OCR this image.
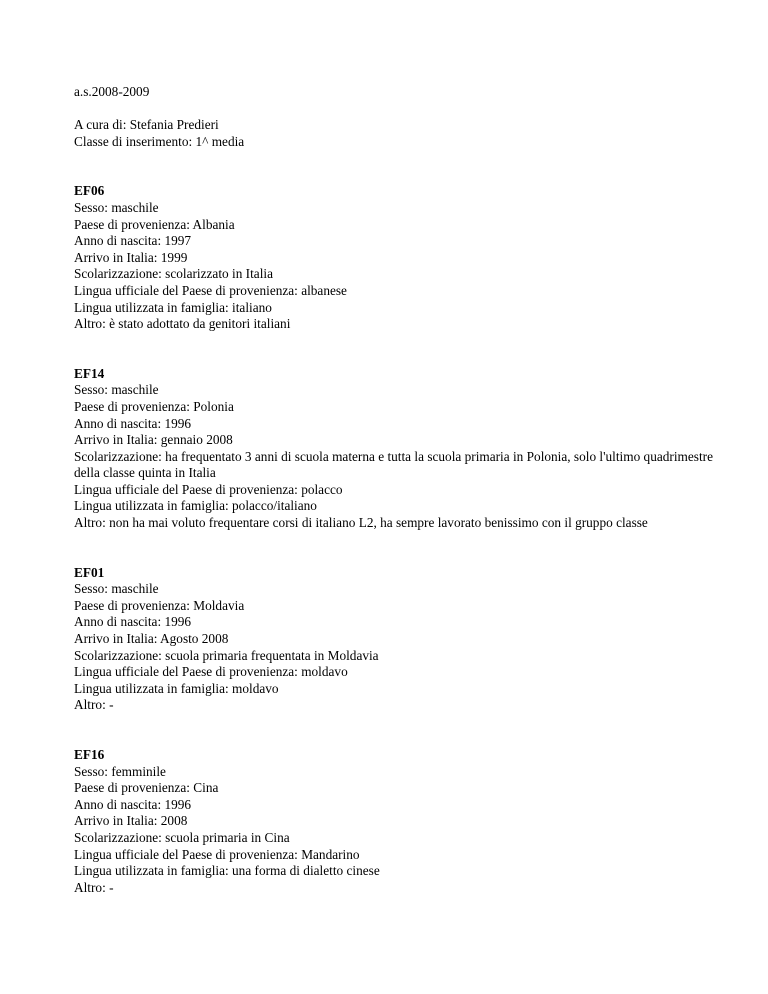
a.s.2008-2009
A cura di: Stefania Predieri
Classe di inserimento: 1^ media
EF06
Sesso: maschile
Paese di provenienza: Albania
Anno di nascita: 1997
Arrivo in Italia: 1999
Scolarizzazione: scolarizzato in Italia
Lingua ufficiale del Paese di provenienza: albanese
Lingua utilizzata in famiglia: italiano
Altro: è stato adottato da genitori italiani
EF14
Sesso: maschile
Paese di provenienza: Polonia
Anno di nascita: 1996
Arrivo in Italia: gennaio 2008
Scolarizzazione: ha frequentato 3 anni di scuola materna e tutta la scuola primaria in Polonia, solo l'ultimo quadrimestre della classe quinta in Italia
Lingua ufficiale del Paese di provenienza: polacco
Lingua utilizzata in famiglia: polacco/italiano
Altro: non ha mai voluto frequentare corsi di italiano L2, ha sempre lavorato benissimo con il gruppo classe
EF01
Sesso: maschile
Paese di provenienza: Moldavia
Anno di nascita: 1996
Arrivo in Italia: Agosto 2008
Scolarizzazione: scuola primaria frequentata in Moldavia
Lingua ufficiale del Paese di provenienza: moldavo
Lingua utilizzata in famiglia: moldavo
Altro: -
EF16
Sesso: femminile
Paese di provenienza: Cina
Anno di nascita: 1996
Arrivo in Italia: 2008
Scolarizzazione: scuola primaria in Cina
Lingua ufficiale del Paese di provenienza: Mandarino
Lingua utilizzata in famiglia: una forma di dialetto cinese
Altro: -
